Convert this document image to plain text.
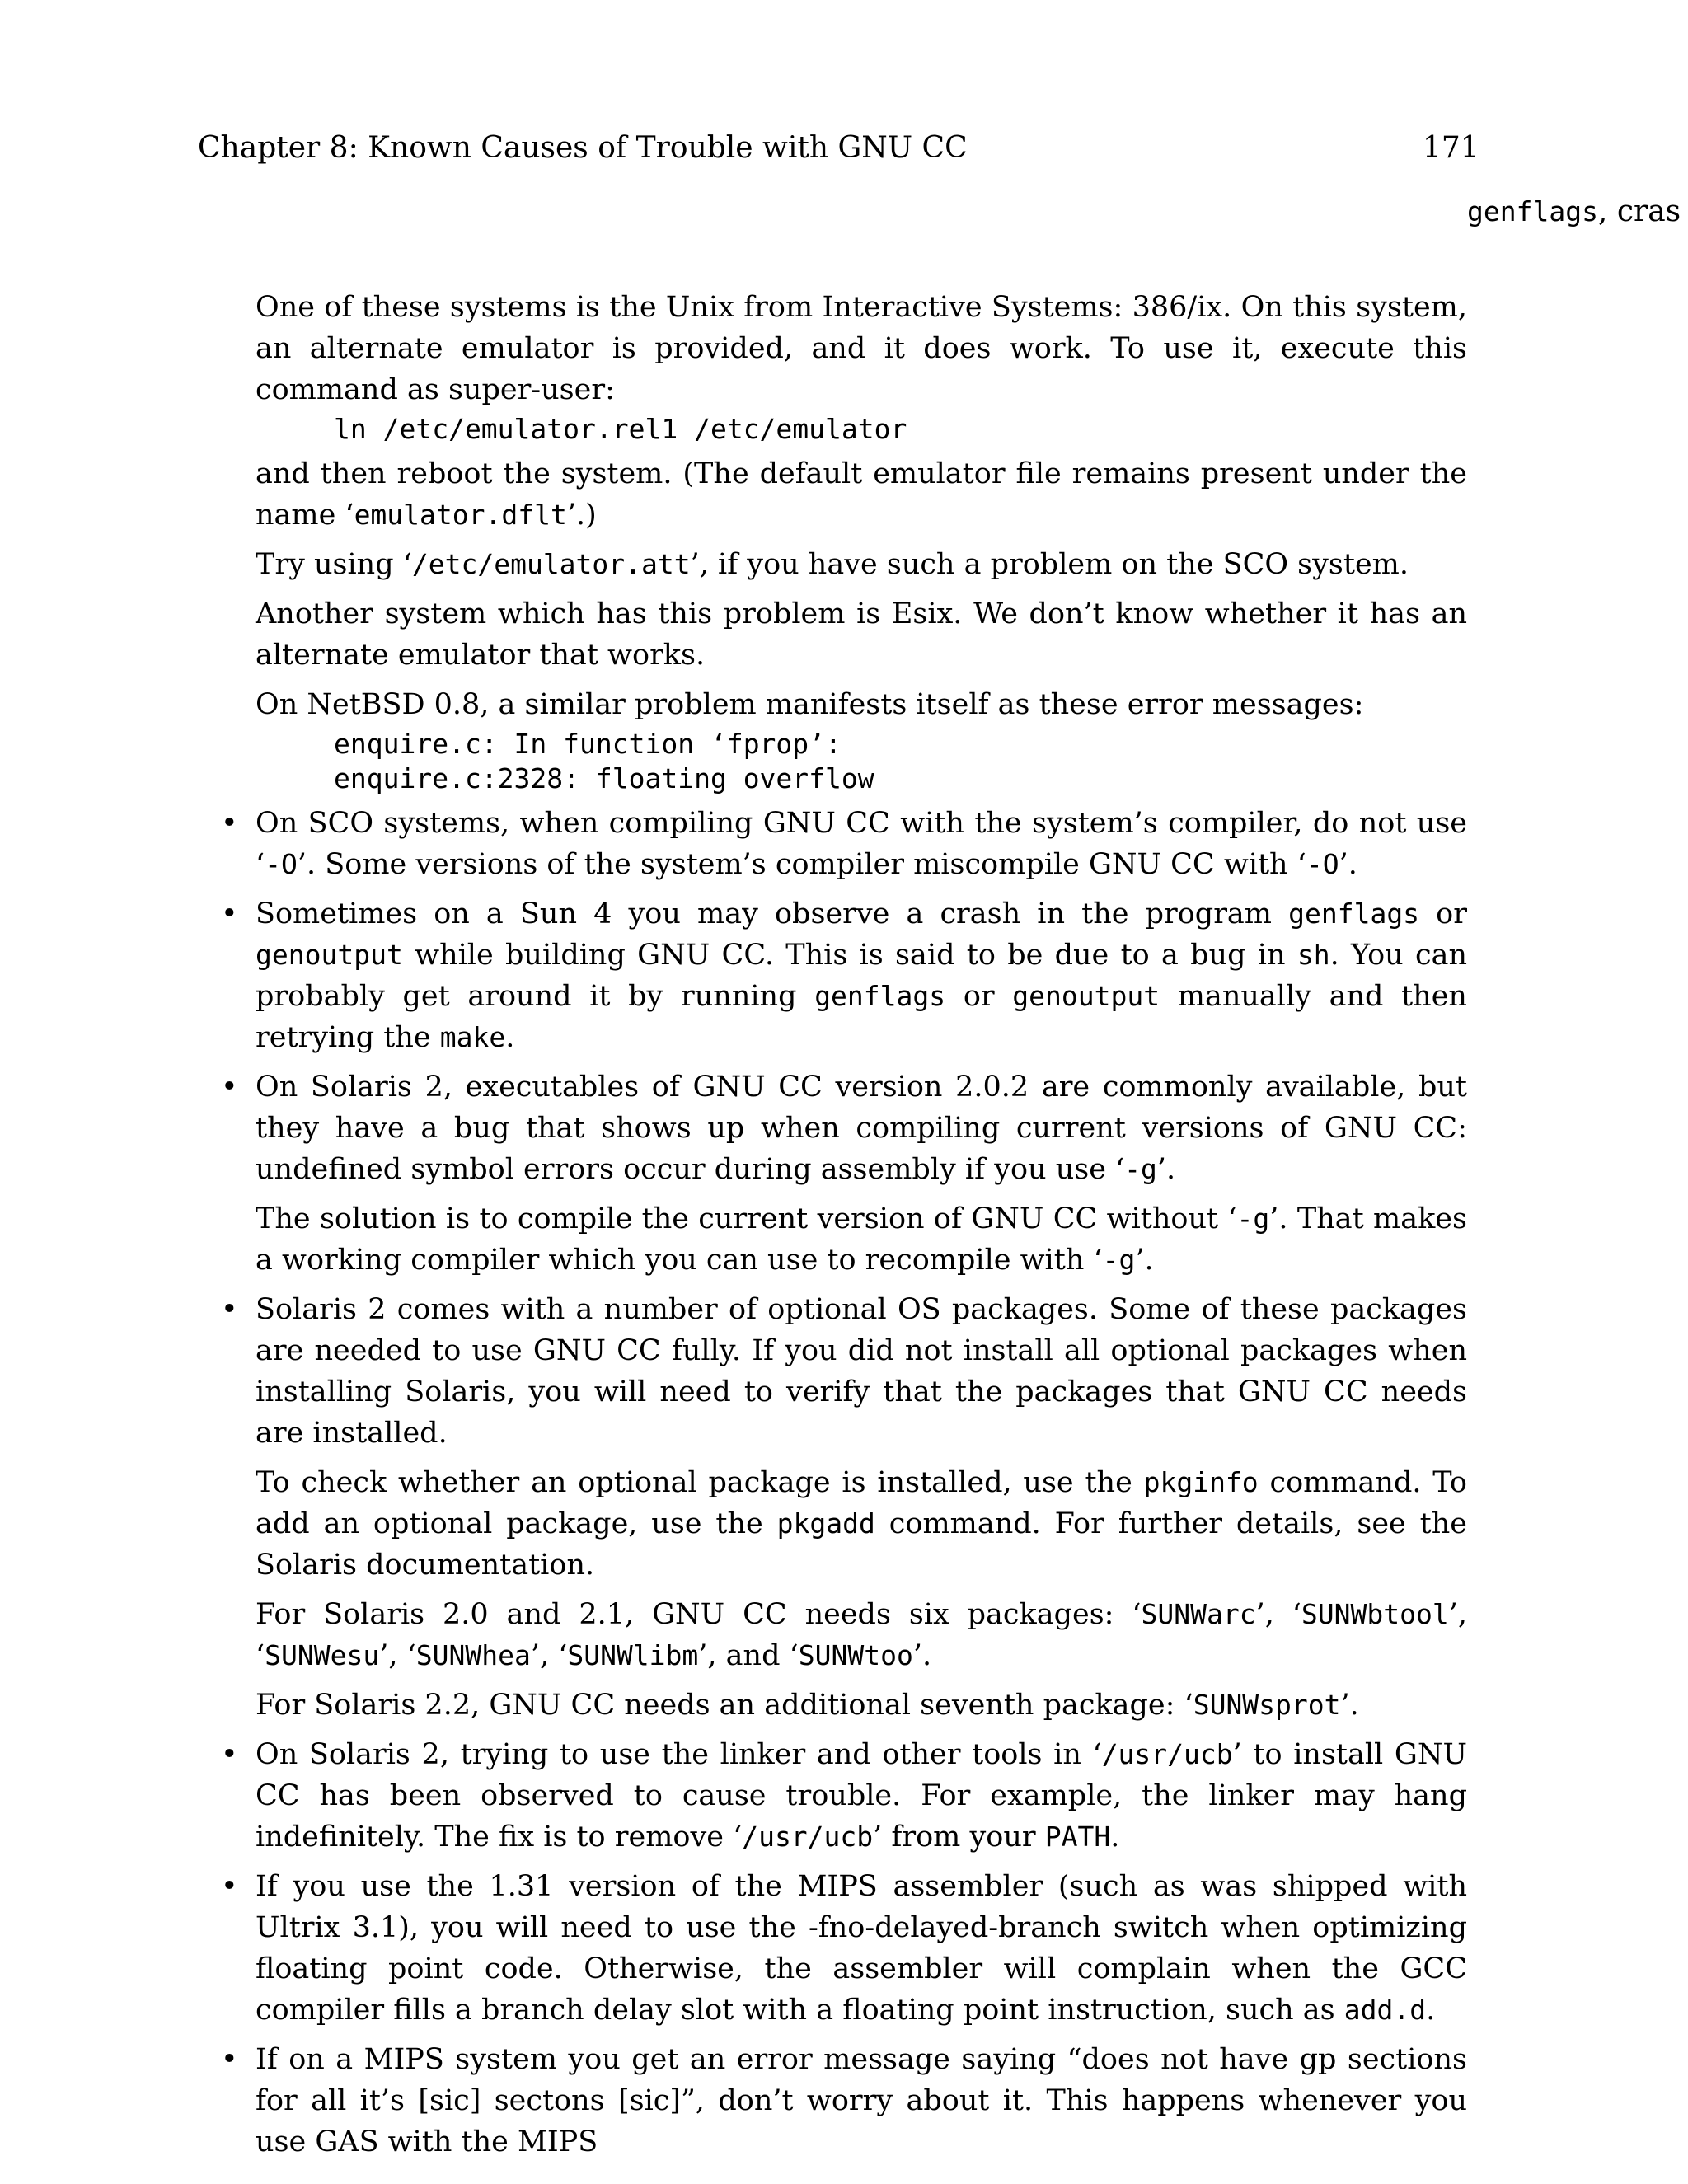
Chapter 8: Known Causes of Trouble with GNU CC	171
genflags, cras

One of these systems is the Unix from Interactive Systems: 386/ix. On this system, an alternate emulator is provided, and it does work. To use it, execute this command as super-user:

ln /etc/emulator.rel1 /etc/emulator

and then reboot the system. (The default emulator file remains present under the name ‘emulator.dflt’.)

Try using ‘/etc/emulator.att’, if you have such a problem on the SCO system.

Another system which has this problem is Esix. We don’t know whether it has an alternate emulator that works.

On NetBSD 0.8, a similar problem manifests itself as these error messages:

enquire.c: In function ‘fprop’:
enquire.c:2328: floating overflow
• On SCO systems, when compiling GNU CC with the system’s compiler, do not use ‘-O’. Some versions of the system’s compiler miscompile GNU CC with ‘-O’.

• Sometimes on a Sun 4 you may observe a crash in the program genflags or genoutput while building GNU CC. This is said to be due to a bug in sh. You can probably get around it by running genflags or genoutput manually and then retrying the make.

• On Solaris 2, executables of GNU CC version 2.0.2 are commonly available, but they have a bug that shows up when compiling current versions of GNU CC: undefined symbol errors occur during assembly if you use ‘-g’.

The solution is to compile the current version of GNU CC without ‘-g’. That makes a working compiler which you can use to recompile with ‘-g’.

• Solaris 2 comes with a number of optional OS packages. Some of these packages are needed to use GNU CC fully. If you did not install all optional packages when installing Solaris, you will need to verify that the packages that GNU CC needs are installed.

To check whether an optional package is installed, use the pkginfo command. To add an optional package, use the pkgadd command. For further details, see the Solaris documentation.

For Solaris 2.0 and 2.1, GNU CC needs six packages: ‘SUNWarc’, ‘SUNWbtool’, ‘SUNWesu’, ‘SUNWhea’, ‘SUNWlibm’, and ‘SUNWtoo’.

For Solaris 2.2, GNU CC needs an additional seventh package: ‘SUNWsprot’.

• On Solaris 2, trying to use the linker and other tools in ‘/usr/ucb’ to install GNU CC has been observed to cause trouble. For example, the linker may hang indefinitely. The fix is to remove ‘/usr/ucb’ from your PATH.

• If you use the 1.31 version of the MIPS assembler (such as was shipped with Ultrix 3.1), you will need to use the -fno-delayed-branch switch when optimizing floating point code. Otherwise, the assembler will complain when the GCC compiler fills a branch delay slot with a floating point instruction, such as add.d.

• If on a MIPS system you get an error message saying “does not have gp sections for all it’s [sic] sectons [sic]”, don’t worry about it. This happens whenever you use GAS with the MIPS
